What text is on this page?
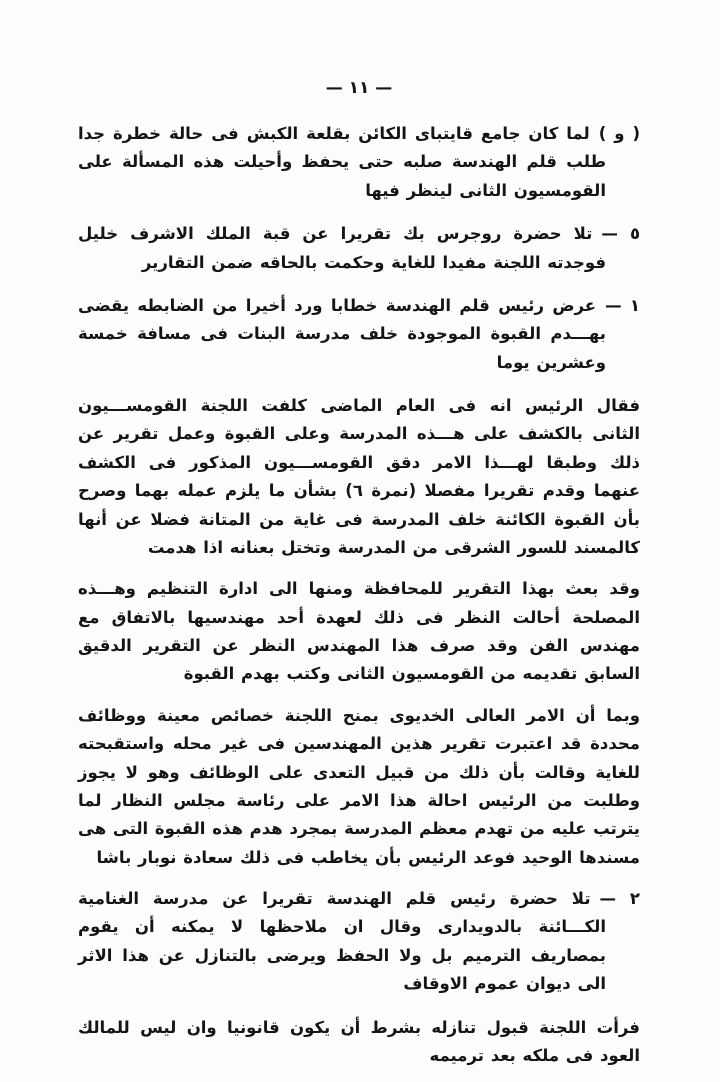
— ١١ —
( و )لما كان جامع قايتباى الكائن بقلعة الكبش فى حالة خطرة جدا طلب قلم الهندسة صلبه حتى يحفظ وأحيلت هذه المسألة على القومسيون الثانى لينظر فيها
٥ —تلا حضرة روجرس بك تقريرا عن قبة الملك الاشرف خليل فوجدته اللجنة مفيدا للغاية وحكمت بالحاقه ضمن التقارير
١ —عرض رئيس قلم الهندسة خطابا ورد أخيرا من الضابطه يقضى بهـــدم القبوة الموجودة خلف مدرسة البنات فى مسافة خمسة وعشرين يوما
فقال الرئيس انه فى العام الماضى كلفت اللجنة القومســـيون الثانى بالكشف على هـــذه المدرسة وعلى القبوة وعمل تقرير عن ذلك وطبقا لهـــذا الامر دقق القومســـيون المذكور فى الكشف عنهما وقدم تقريرا مفصلا (نمرة ٦) بشأن ما يلزم عمله بهما وصرح بأن القبوة الكائنة خلف المدرسة فى غاية من المتانة فضلا عن أنها كالمسند للسور الشرقى من المدرسة وتختل بعنانه اذا هدمت
وقد بعث بهذا التقرير للمحافظة ومنها الى ادارة التنظيم وهـــذه المصلحة أحالت النظر فى ذلك لعهدة أحد مهندسيها بالاتفاق مع مهندس الفن وقد صرف هذا المهندس النظر عن التقرير الدقيق السابق تقديمه من القومسيون الثانى وكتب بهدم القبوة
وبما أن الامر العالى الخديوى بمنح اللجنة خصائص معينة ووظائف محددة قد اعتبرت تقرير هذين المهندسين فى غير محله واستقبحته للغاية وقالت بأن ذلك من قبيل التعدى على الوظائف وهو لا يجوز وطلبت من الرئيس احالة هذا الامر على رئاسة مجلس النظار لما يترتب عليه من تهدم معظم المدرسة بمجرد هدم هذه القبوة التى هى مسندها الوحيد فوعد الرئيس بأن يخاطب فى ذلك سعادة نوبار باشا
٢ —تلا حضرة رئيس قلم الهندسة تقريرا عن مدرسة الغنامية الكـــائنة بالدويدارى وقال ان ملاحظها لا يمكنه أن يقوم بمصاريف الترميم بل ولا الحفظ ويرضى بالتنازل عن هذا الاثر الى ديوان عموم الاوقاف
فرأت اللجنة قبول تنازله بشرط أن يكون قانونيا وان ليس للمالك العود فى ملكه بعد ترميمه
